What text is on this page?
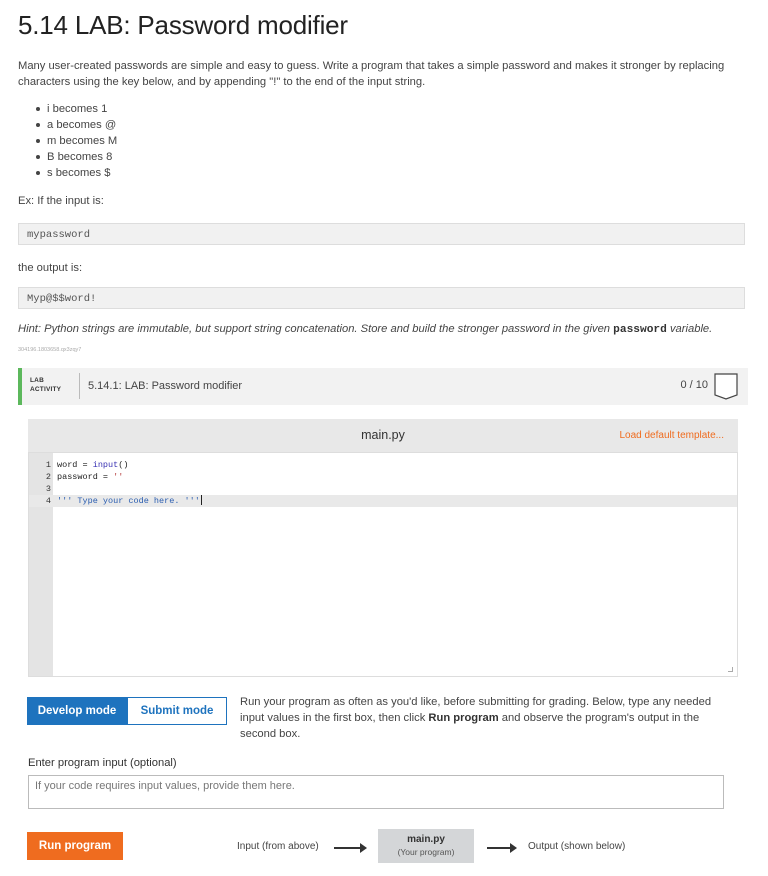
5.14 LAB: Password modifier

Many user-created passwords are simple and easy to guess. Write a program that takes a simple password and makes it stronger by replacing characters using the key below, and by appending "!" to the end of the input string.

i becomes 1
a becomes @
m becomes M
B becomes 8
s becomes $

Ex: If the input is:

mypassword

the output is:

Myp@$$word!

Hint: Python strings are immutable, but support string concatenation. Store and build the stronger password in the given password variable.

304196.1803658.qx3zqy7
LAB
ACTIVITY 5.14.1: LAB: Password modifier	0 / 10
main.py	Load default template...
1 word = input()
2 password = ''
3
4 ''' Type your code here. '''
Develop mode	Submit mode

Run your program as often as you'd like, before submitting for grading. Below, type any needed input values in the first box, then click Run program and observe the program's output in the second box.

Enter program input (optional)
If your code requires input values, provide them here.
Run program	Input (from above)
main.py
(Your program)	Output (shown below)
